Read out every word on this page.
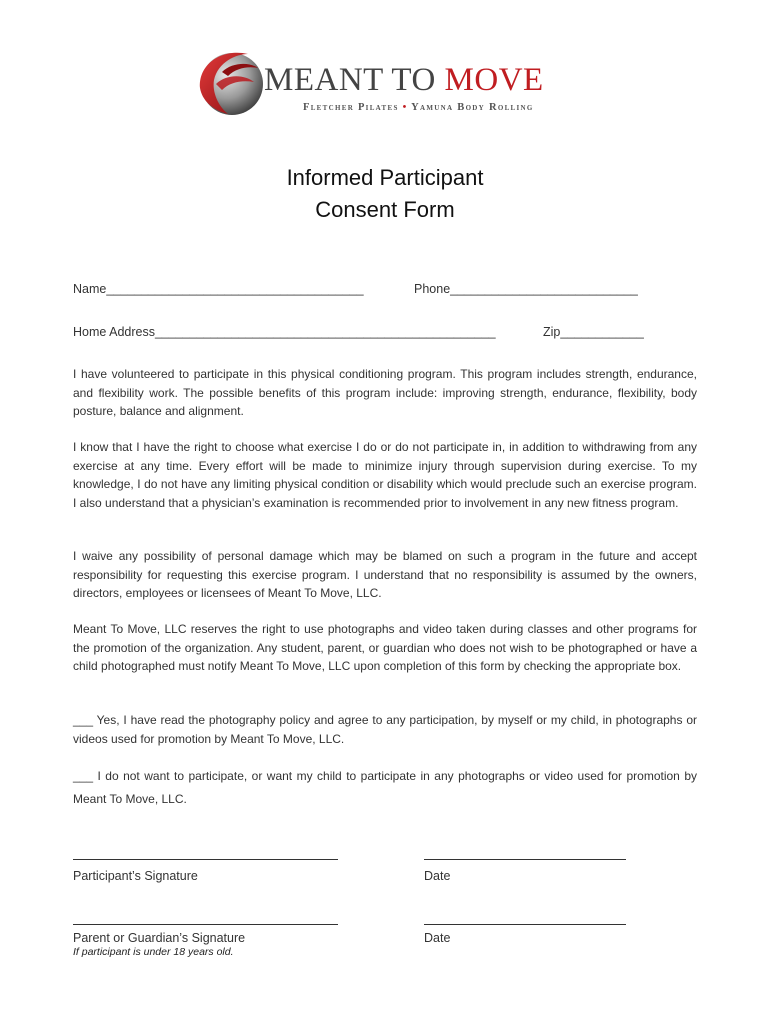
MEANT TO MOVE
Fletcher Pilates • Yamuna Body Rolling
Informed Participant
Consent Form
Name_____________________________________	Phone___________________________
Home Address_________________________________________________	Zip____________

I have volunteered to participate in this physical conditioning program. This program includes strength, endurance, and flexibility work. The possible benefits of this program include: improving strength, endurance, flexibility, body posture, balance and alignment.

I know that I have the right to choose what exercise I do or do not participate in, in addition to withdrawing from any exercise at any time. Every effort will be made to minimize injury through supervision during exercise. To my knowledge, I do not have any limiting physical condition or disability which would preclude such an exercise program. I also understand that a physician’s examination is recommended prior to involvement in any new fitness program.

I waive any possibility of personal damage which may be blamed on such a program in the future and accept responsibility for requesting this exercise program. I understand that no responsibility is assumed by the owners, directors, employees or licensees of Meant To Move, LLC.

Meant To Move, LLC reserves the right to use photographs and video taken during classes and other programs for the promotion of the organization. Any student, parent, or guardian who does not wish to be photographed or have a child photographed must notify Meant To Move, LLC upon completion of this form by checking the appropriate box.

___ Yes, I have read the photography policy and agree to any participation, by myself or my child, in photographs or videos used for promotion by Meant To Move, LLC.

___ I do not want to participate, or want my child to participate in any photographs or video used for promotion by Meant To Move, LLC.

Participant’s Signature	Date
Parent or Guardian’s Signature	Date
If participant is under 18 years old.
